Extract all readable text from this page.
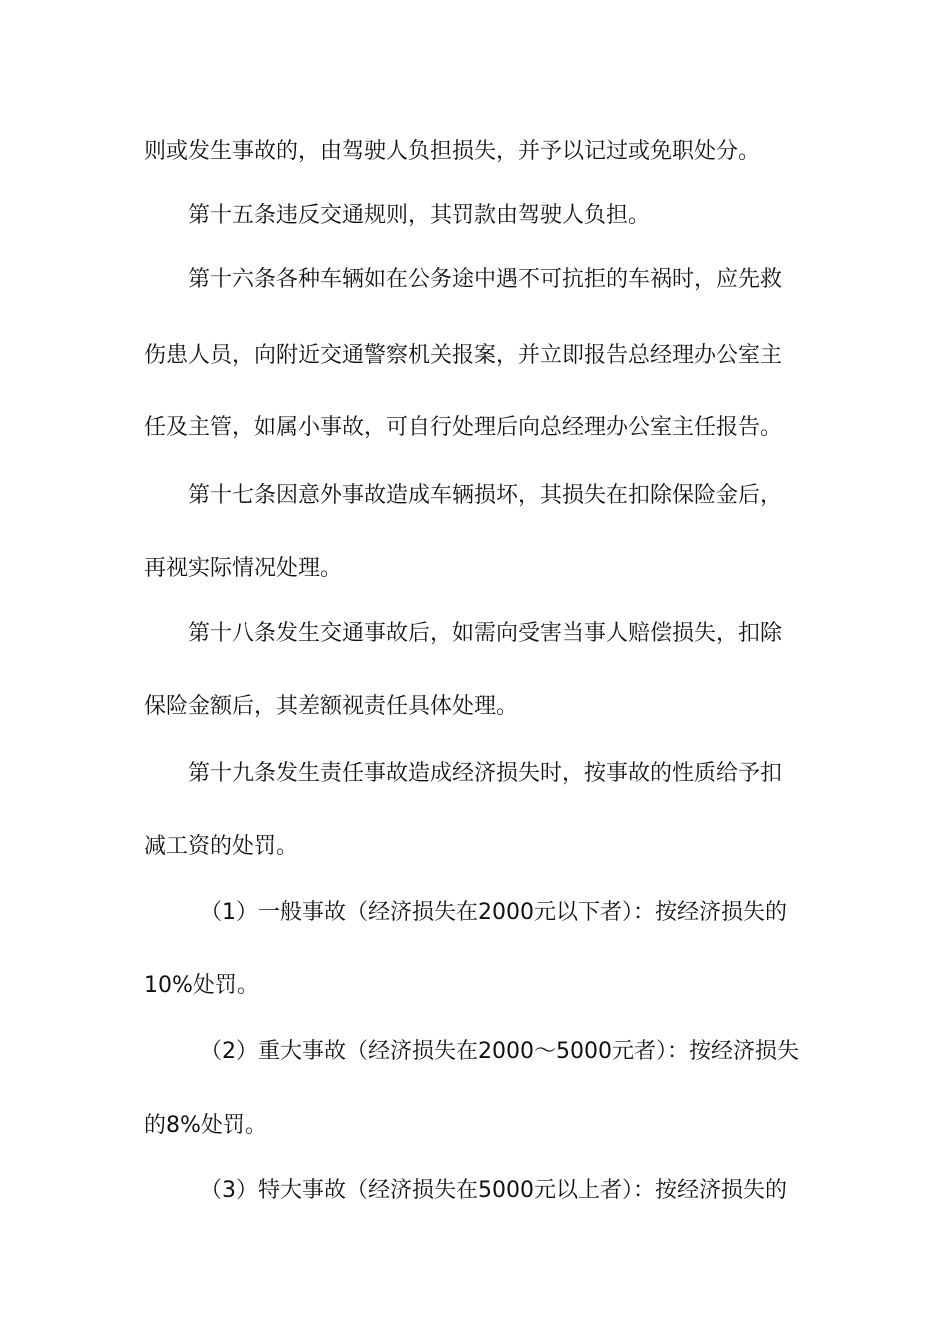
则或发生事故的，由驾驶人负担损失，并予以记过或免职处分。
第十五条违反交通规则，其罚款由驾驶人负担。
第十六条各种车辆如在公务途中遇不可抗拒的车祸时，应先救
伤患人员，向附近交通警察机关报案，并立即报告总经理办公室主
任及主管，如属小事故，可自行处理后向总经理办公室主任报告。
第十七条因意外事故造成车辆损坏，其损失在扣除保险金后，
再视实际情况处理。
第十八条发生交通事故后，如需向受害当事人赔偿损失，扣除
保险金额后，其差额视责任具体处理。
第十九条发生责任事故造成经济损失时，按事故的性质给予扣
减工资的处罚。
（1）一般事故（经济损失在2000元以下者）：按经济损失的
10%处罚。
（2）重大事故（经济损失在2000～5000元者）：按经济损失
的8%处罚。
（3）特大事故（经济损失在5000元以上者）：按经济损失的
